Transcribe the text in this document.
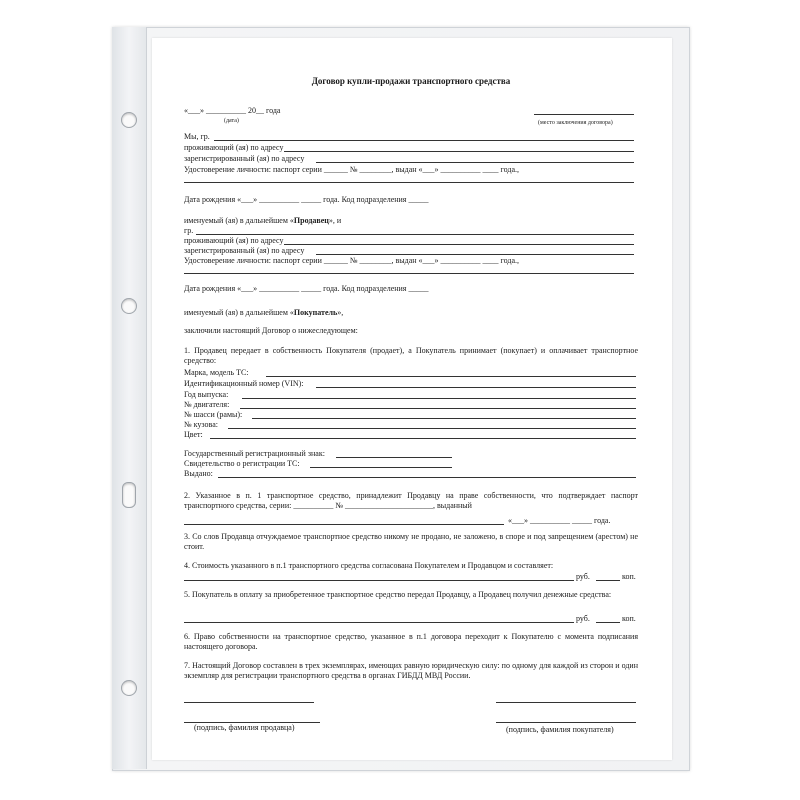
Договор купли-продажи транспортного средства
«___» __________ 20__ года
(дата)	(место заключения договора)
Мы, гр.
проживающий (ая) по адресу
зарегистрированный (ая) по адресу
Удостоверение личности: паспорт серии ______ № ________, выдан «___» __________ ____ года.,
Дата рождения «___» __________ _____ года. Код подразделения _____
именуемый (ая) в дальнейшем «Продавец», и
гр.
проживающий (ая) по адресу
зарегистрированный (ая) по адресу
Удостоверение личности: паспорт серии ______ № ________, выдан «___» __________ ____ года.,
Дата рождения «___» __________ _____ года. Код подразделения _____
именуемый (ая) в дальнейшем «Покупатель»,
заключили настоящий Договор о нижеследующем:
1. Продавец передает в собственность Покупателя (продает), а Покупатель принимает (покупает) и оплачивает транспортное средство:
Марка, модель ТС:
Идентификационный номер (VIN):
Год выпуска:
№ двигателя:
№ шасси (рамы):
№ кузова:
Цвет:
Государственный регистрационный знак:
Свидетельство о регистрации ТС:
Выдано:
2. Указанное в п. 1 транспортное средство, принадлежит Продавцу на праве собственности, что подтверждает паспорт транспортного средства, серии: __________ № ______________________, выданный
«___» __________ _____ года.
3. Со слов Продавца отчуждаемое транспортное средство никому не продано, не заложено, в споре и под запрещением (арестом) не стоит.
4. Стоимость указанного в п.1 транспортного средства согласована Покупателем и Продавцом и составляет:
руб.	коп.
5. Покупатель в оплату за приобретенное транспортное средство передал Продавцу, а Продавец получил денежные средства:
руб.	коп.
6. Право собственности на транспортное средство, указанное в п.1 договора переходит к Покупателю с момента подписания настоящего договора.
7. Настоящий Договор составлен в трех экземплярах, имеющих равную юридическую силу: по одному для каждой из сторон и один экземпляр для регистрации транспортного средства в органах ГИБДД МВД России.
(подпись, фамилия продавца)	(подпись, фамилия покупателя)
